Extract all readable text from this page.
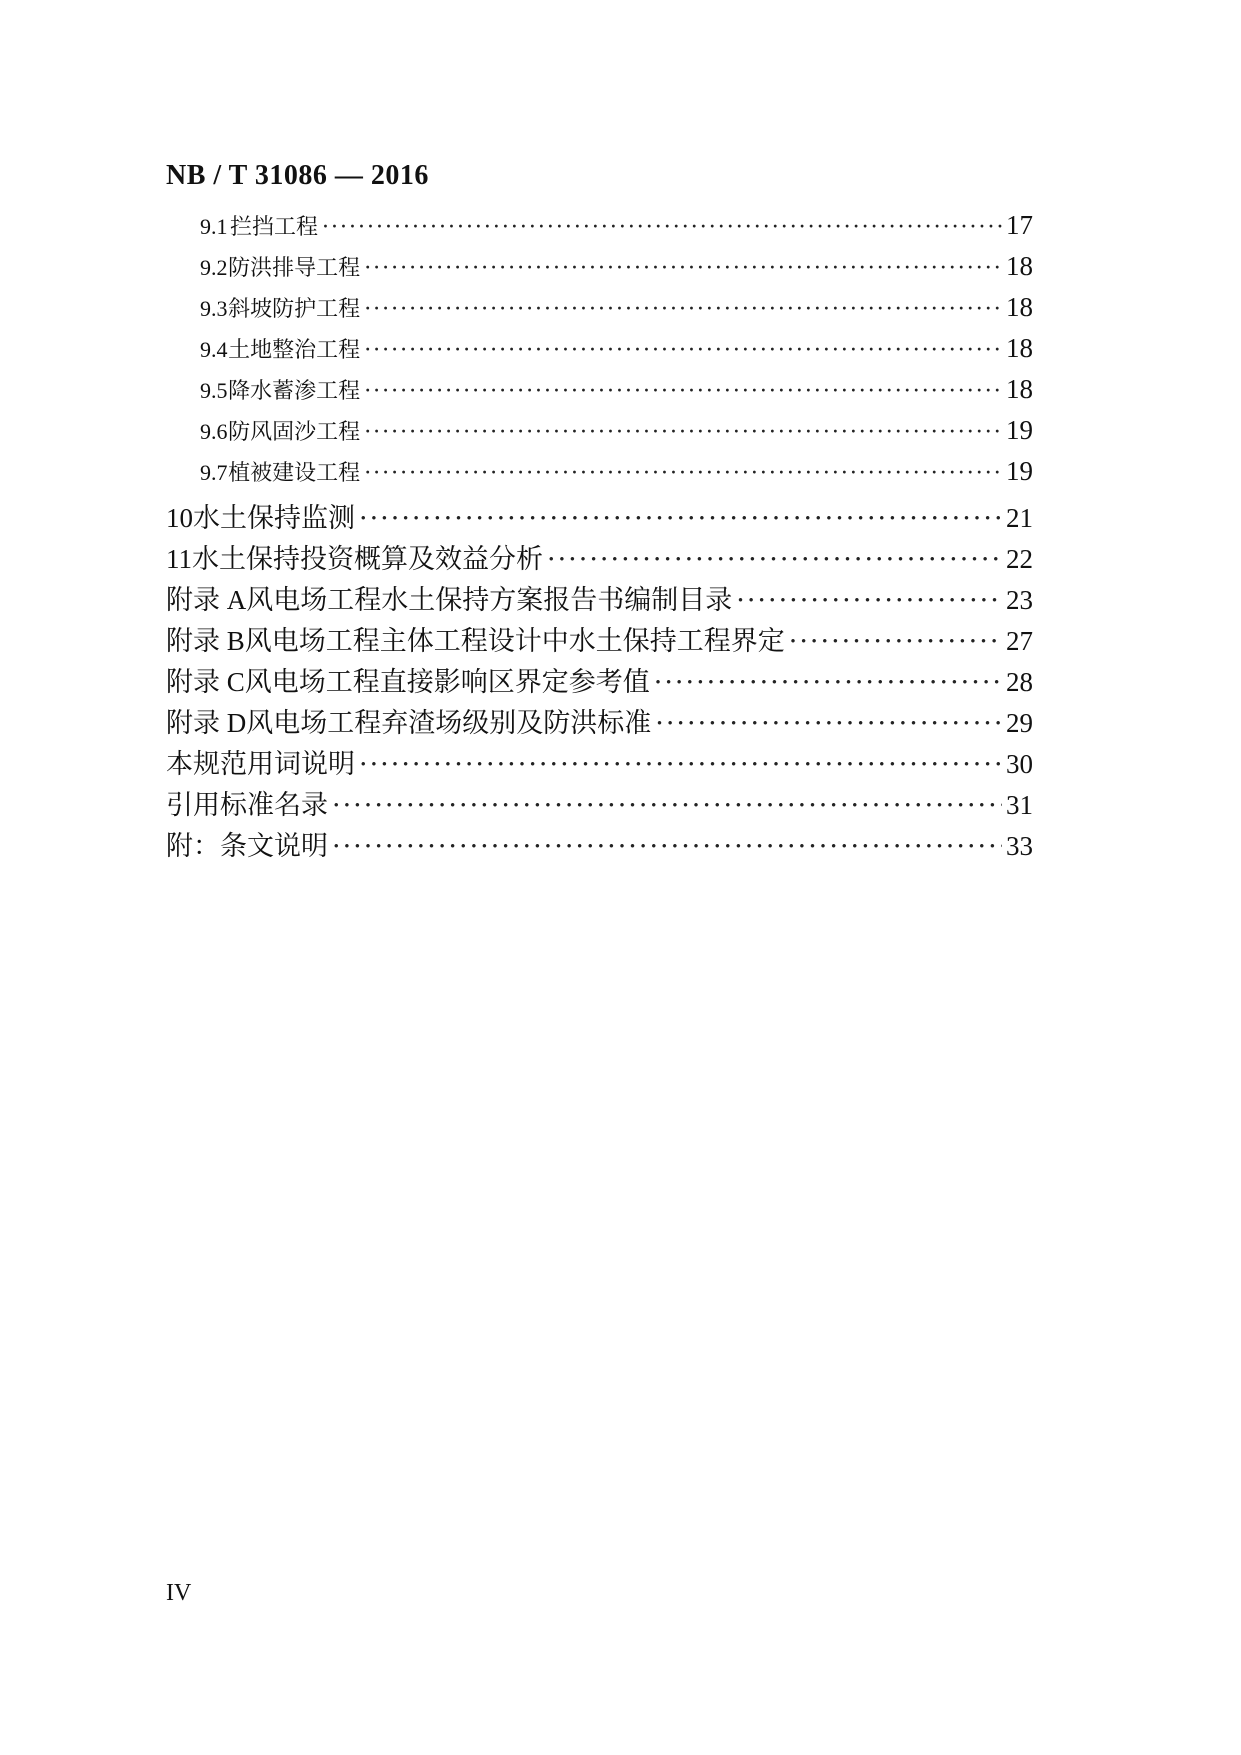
NB / T 31086 — 2016
9.1 拦挡工程 ·····	17
9.2 防洪排导工程 ·····	18
9.3 斜坡防护工程 ·····	18
9.4 土地整治工程 ·····	18
9.5 降水蓄渗工程 ·····	18
9.6 防风固沙工程 ·····	19
9.7 植被建设工程 ·····	19
10 水土保持监测 ·····	21
11 水土保持投资概算及效益分析 ·····	22
附录 A 风电场工程水土保持方案报告书编制目录 ·····	23
附录 B 风电场工程主体工程设计中水土保持工程界定 ·····	27
附录 C 风电场工程直接影响区界定参考值 ·····	28
附录 D 风电场工程弃渣场级别及防洪标准 ·····	29
本规范用词说明 ·····	30
引用标准名录 ·····	31
附：条文说明 ·····	33
IV
